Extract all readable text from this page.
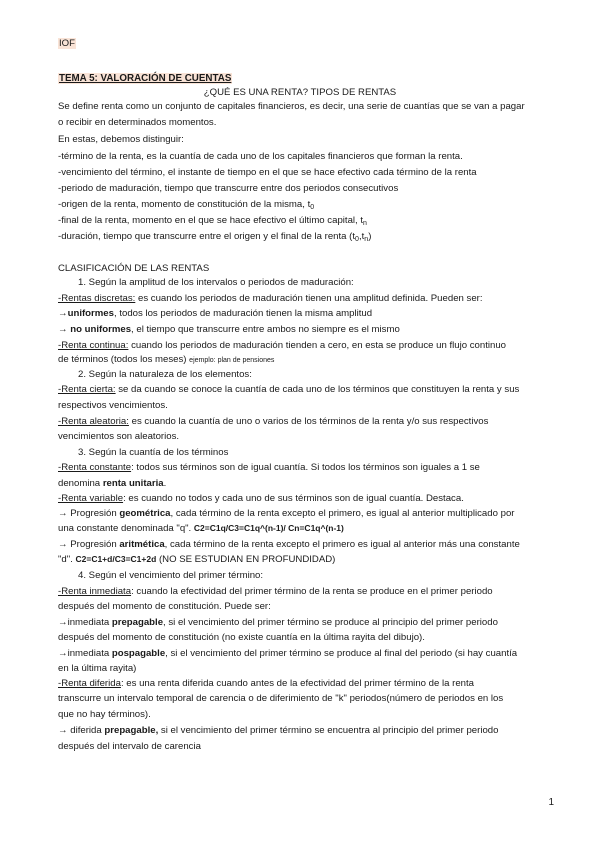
IOF
TEMA 5: VALORACIÓN DE CUENTAS
¿QUÉ ES UNA RENTA? TIPOS DE RENTAS
Se define renta como un conjunto de capitales financieros, es decir, una serie de cuantías que se van a pagar
o recibir en determinados momentos.
En estas, debemos distinguir:
-término de la renta, es la cuantía de cada uno de los capitales financieros que forman la renta.
-vencimiento del término, el instante de tiempo en el que se hace efectivo cada término de la renta
-periodo de maduración, tiempo que transcurre entre dos periodos consecutivos
-origen de la renta, momento de constitución de la misma, $t_0$
-final de la renta, momento en el que se hace efectivo el último capital, $t_n$
-duración, tiempo que transcurre entre el origen y el final de la renta $(t_0,t_n)$
CLASIFICACIÓN DE LAS RENTAS
1. Según la amplitud de los intervalos o periodos de maduración:
-Rentas discretas: es cuando los periodos de maduración tienen una amplitud definida. Pueden ser:
→uniformes, todos los periodos de maduración tienen la misma amplitud
→ no uniformes, el tiempo que transcurre entre ambos no siempre es el mismo
-Renta continua: cuando los periodos de maduración tienden a cero, en esta se produce un flujo continuo
de términos (todos los meses) ejemplo: plan de pensiones
2. Según la naturaleza de los elementos:
-Renta cierta: se da cuando se conoce la cuantía de cada uno de los términos que constituyen la renta y sus
respectivos vencimientos.
-Renta aleatoria: es cuando la cuantía de uno o varios de los términos de la renta y/o sus respectivos
vencimientos son aleatorios.
3. Según la cuantía de los términos
-Renta constante: todos sus términos son de igual cuantía. Si todos los términos son iguales a 1 se
denomina renta unitaria.
-Renta variable: es cuando no todos y cada uno de sus términos son de igual cuantía. Destaca.
→ Progresión geométrica, cada término de la renta excepto el primero, es igual al anterior multiplicado por
una constante denominada "q". C2=C1q/C3=C1q^(n-1)/ Cn=C1q^(n-1)
→ Progresión aritmética, cada término de la renta excepto el primero es igual al anterior más una constante
"d". C2=C1+d/C3=C1+2d (NO SE ESTUDIAN EN PROFUNDIDAD)
4. Según el vencimiento del primer término:
-Renta inmediata: cuando la efectividad del primer término de la renta se produce en el primer periodo
después del momento de constitución. Puede ser:
→inmediata prepagable, si el vencimiento del primer término se produce al principio del primer periodo
después del momento de constitución (no existe cuantía en la última rayita del dibujo).
→inmediata pospagable, si el vencimiento del primer término se produce al final del periodo (si hay cuantía
en la última rayita)
-Renta diferida: es una renta diferida cuando antes de la efectividad del primer término de la renta
transcurre un intervalo temporal de carencia o de diferimiento de "k" periodos(número de periodos en los
que no hay términos).
→ diferida prepagable, si el vencimiento del primer término se encuentra al principio del primer periodo
después del intervalo de carencia
1
